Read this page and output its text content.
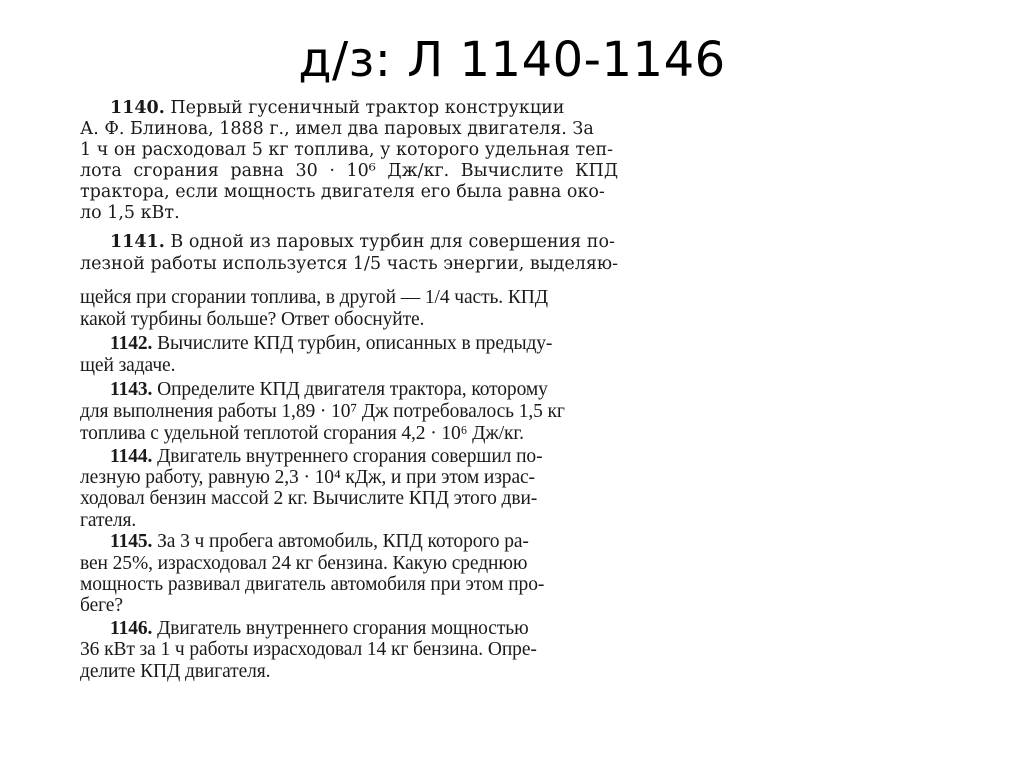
д/з: Л 1140-1146
1140. Первый гусеничный трактор конструкции
А. Ф. Блинова, 1888 г., имел два паровых двигателя. За
1 ч он расходовал 5 кг топлива, у которого удельная теп-
лота сгорания равна 30 · 10⁶ Дж/кг. Вычислите КПД
трактора, если мощность двигателя его была равна око-
ло 1,5 кВт.
1141. В одной из паровых турбин для совершения по-
лезной работы используется 1/5 часть энергии, выделяю-
щейся при сгорании топлива, в другой — 1/4 часть. КПД
какой турбины больше? Ответ обоснуйте.
1142. Вычислите КПД турбин, описанных в предыду-
щей задаче.
1143. Определите КПД двигателя трактора, которому
для выполнения работы 1,89 · 10⁷ Дж потребовалось 1,5 кг
топлива с удельной теплотой сгорания 4,2 · 10⁶ Дж/кг.
1144. Двигатель внутреннего сгорания совершил по-
лезную работу, равную 2,3 · 10⁴ кДж, и при этом израс-
ходовал бензин массой 2 кг. Вычислите КПД этого дви-
гателя.
1145. За 3 ч пробега автомобиль, КПД которого ра-
вен 25%, израсходовал 24 кг бензина. Какую среднюю
мощность развивал двигатель автомобиля при этом про-
беге?
1146. Двигатель внутреннего сгорания мощностью
36 кВт за 1 ч работы израсходовал 14 кг бензина. Опре-
делите КПД двигателя.
